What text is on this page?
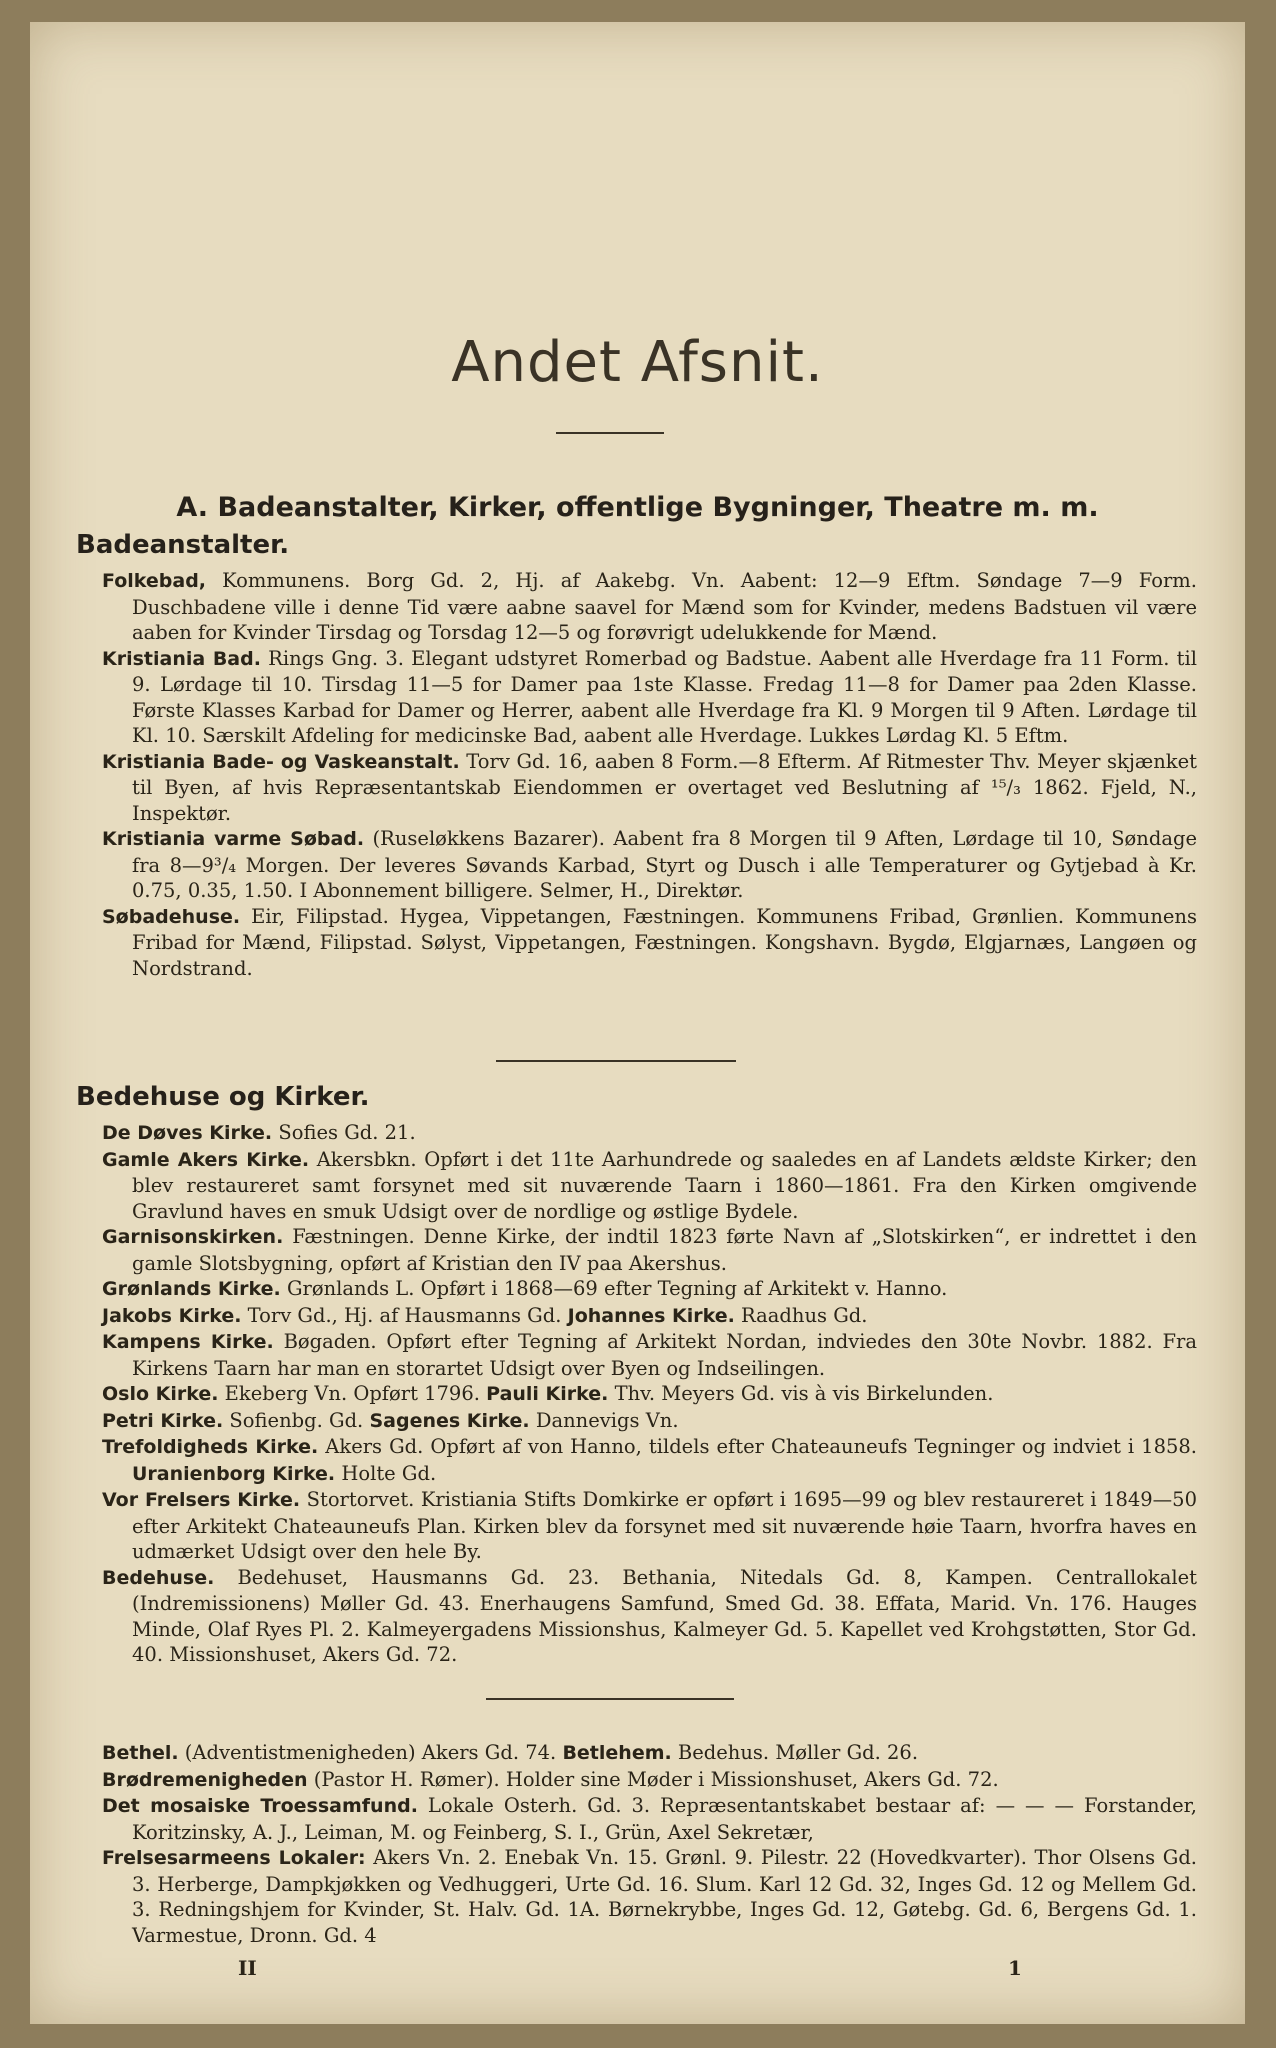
Andet Afsnit.
A. Badeanstalter, Kirker, offentlige Bygninger, Theatre m. m.
Badeanstalter.

Folkebad, Kommunens. Borg Gd. 2, Hj. af Aakebg. Vn. Aabent: 12—9 Eftm. Søndage 7—9 Form. Duschbadene ville i denne Tid være aabne saavel for Mænd som for Kvinder, medens Badstuen vil være aaben for Kvinder Tirsdag og Torsdag 12—5 og forøvrigt udelukkende for Mænd.

Kristiania Bad. Rings Gng. 3. Elegant udstyret Romerbad og Badstue. Aabent alle Hverdage fra 11 Form. til 9. Lørdage til 10. Tirsdag 11—5 for Damer paa 1ste Klasse. Fredag 11—8 for Damer paa 2den Klasse. Første Klasses Karbad for Damer og Herrer, aabent alle Hverdage fra Kl. 9 Morgen til 9 Aften. Lørdage til Kl. 10. Særskilt Afdeling for medicinske Bad, aabent alle Hverdage. Lukkes Lørdag Kl. 5 Eftm.

Kristiania Bade- og Vaskeanstalt. Torv Gd. 16, aaben 8 Form.—8 Efterm. Af Ritmester Thv. Meyer skjænket til Byen, af hvis Repræsentantskab Eiendommen er overtaget ved Beslutning af ¹⁵/₃ 1862. Fjeld, N., Inspektør.

Kristiania varme Søbad. (Ruseløkkens Bazarer). Aabent fra 8 Morgen til 9 Aften, Lørdage til 10, Søndage fra 8—9³/₄ Morgen. Der leveres Søvands Karbad, Styrt og Dusch i alle Temperaturer og Gytjebad à Kr. 0.75, 0.35, 1.50. I Abonnement billigere. Selmer, H., Direktør.

Søbadehuse. Eir, Filipstad. Hygea, Vippetangen, Fæstningen. Kommunens Fribad, Grønlien. Kommunens Fribad for Mænd, Filipstad. Sølyst, Vippetangen, Fæstningen. Kongshavn. Bygdø, Elgjarnæs, Langøen og Nordstrand.

Bedehuse og Kirker.

De Døves Kirke. Sofies Gd. 21.

Gamle Akers Kirke. Akersbkn. Opført i det 11te Aarhundrede og saaledes en af Landets ældste Kirker; den blev restaureret samt forsynet med sit nuværende Taarn i 1860—1861. Fra den Kirken omgivende Gravlund haves en smuk Udsigt over de nordlige og østlige Bydele.

Garnisonskirken. Fæstningen. Denne Kirke, der indtil 1823 førte Navn af „Slotskirken“, er indrettet i den gamle Slotsbygning, opført af Kristian den IV paa Akershus.

Grønlands Kirke. Grønlands L. Opført i 1868—69 efter Tegning af Arkitekt v. Hanno.

Jakobs Kirke. Torv Gd., Hj. af Hausmanns Gd. Johannes Kirke. Raadhus Gd.

Kampens Kirke. Bøgaden. Opført efter Tegning af Arkitekt Nordan, indviedes den 30te Novbr. 1882. Fra Kirkens Taarn har man en storartet Udsigt over Byen og Indseilingen.

Oslo Kirke. Ekeberg Vn. Opført 1796. Pauli Kirke. Thv. Meyers Gd. vis à vis Birkelunden.

Petri Kirke. Sofienbg. Gd. Sagenes Kirke. Dannevigs Vn.

Trefoldigheds Kirke. Akers Gd. Opført af von Hanno, tildels efter Chateauneufs Tegninger og indviet i 1858. Uranienborg Kirke. Holte Gd.

Vor Frelsers Kirke. Stortorvet. Kristiania Stifts Domkirke er opført i 1695—99 og blev restaureret i 1849—50 efter Arkitekt Chateauneufs Plan. Kirken blev da forsynet med sit nuværende høie Taarn, hvorfra haves en udmærket Udsigt over den hele By.

Bedehuse. Bedehuset, Hausmanns Gd. 23. Bethania, Nitedals Gd. 8, Kampen. Centrallokalet (Indremissionens) Møller Gd. 43. Enerhaugens Samfund, Smed Gd. 38. Effata, Marid. Vn. 176. Hauges Minde, Olaf Ryes Pl. 2. Kalmeyergadens Missionshus, Kalmeyer Gd. 5. Kapellet ved Krohgstøtten, Stor Gd. 40. Missionshuset, Akers Gd. 72.

Bethel. (Adventistmenigheden) Akers Gd. 74. Betlehem. Bedehus. Møller Gd. 26.

Brødremenigheden (Pastor H. Rømer). Holder sine Møder i Missionshuset, Akers Gd. 72.

Det mosaiske Troessamfund. Lokale Osterh. Gd. 3. Repræsentantskabet bestaar af: — — — Forstander, Koritzinsky, A. J., Leiman, M. og Feinberg, S. I., Grün, Axel Sekretær,

Frelsesarmeens Lokaler: Akers Vn. 2. Enebak Vn. 15. Grønl. 9. Pilestr. 22 (Hovedkvarter). Thor Olsens Gd. 3. Herberge, Dampkjøkken og Vedhuggeri, Urte Gd. 16. Slum. Karl 12 Gd. 32, Inges Gd. 12 og Mellem Gd. 3. Redningshjem for Kvinder, St. Halv. Gd. 1A. Børnekrybbe, Inges Gd. 12, Gøtebg. Gd. 6, Bergens Gd. 1. Varmestue, Dronn. Gd. 4

II	1
